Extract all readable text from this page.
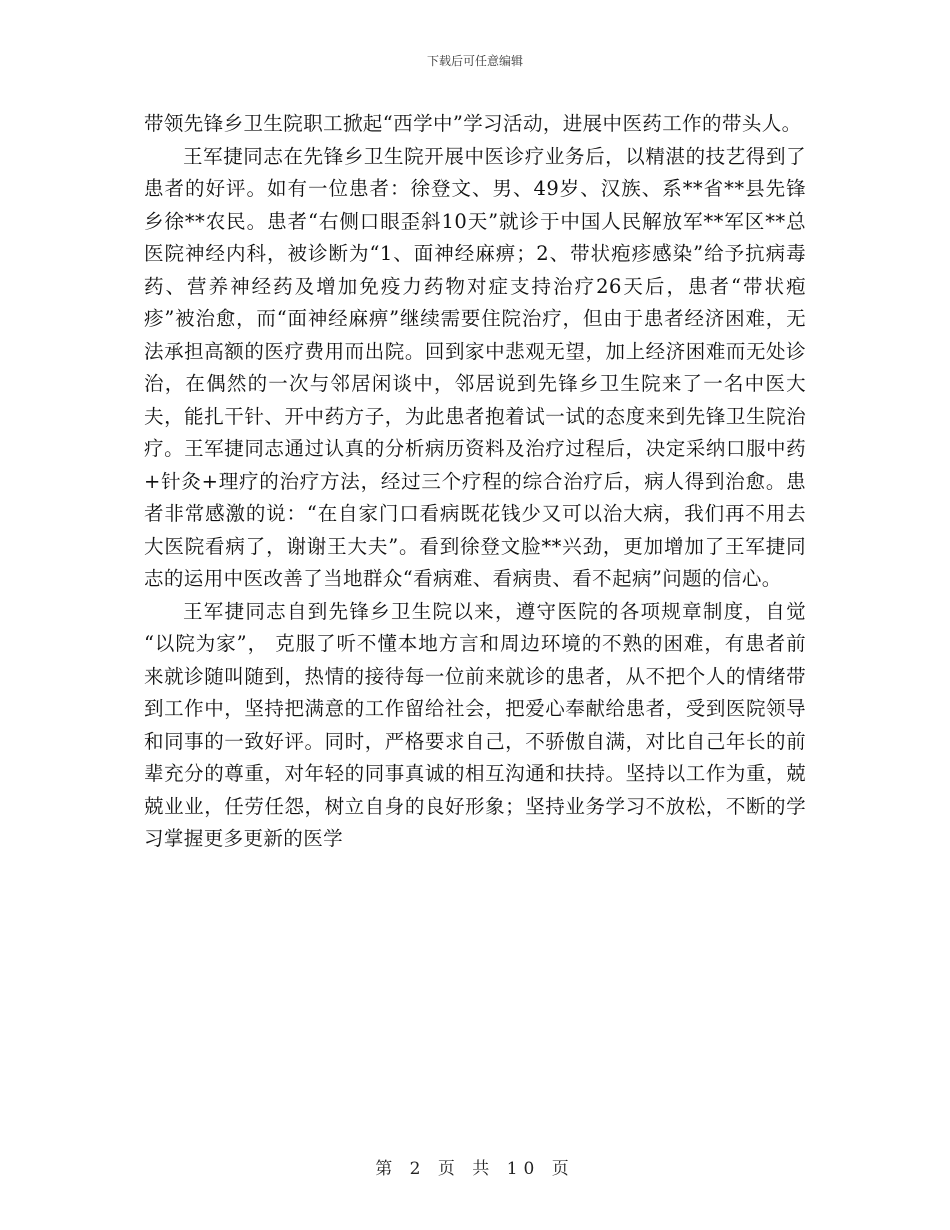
下载后可任意编辑

带领先锋乡卫生院职工掀起“西学中”学习活动，进展中医药工作的带头人。

王军捷同志在先锋乡卫生院开展中医诊疗业务后，以精湛的技艺得到了患者的好评。如有一位患者：徐登文、男、49岁、汉族、系**省**县先锋乡徐**农民。患者“右侧口眼歪斜10天”就诊于中国人民解放军**军区**总医院神经内科，被诊断为“1、面神经麻痹；2、带状疱疹感染”给予抗病毒药、营养神经药及增加免疫力药物对症支持治疗26天后，患者“带状疱疹”被治愈，而“面神经麻痹”继续需要住院治疗，但由于患者经济困难，无法承担高额的医疗费用而出院。回到家中悲观无望，加上经济困难而无处诊治，在偶然的一次与邻居闲谈中，邻居说到先锋乡卫生院来了一名中医大夫，能扎干针、开中药方子，为此患者抱着试一试的态度来到先锋卫生院治疗。王军捷同志通过认真的分析病历资料及治疗过程后，决定采纳口服中药+针灸+理疗的治疗方法，经过三个疗程的综合治疗后，病人得到治愈。患者非常感激的说：“在自家门口看病既花钱少又可以治大病，我们再不用去大医院看病了，谢谢王大夫”。看到徐登文脸**兴劲，更加增加了王军捷同志的运用中医改善了当地群众“看病难、看病贵、看不起病”问题的信心。

王军捷同志自到先锋乡卫生院以来，遵守医院的各项规章制度，自觉 “以院为家”， 克服了听不懂本地方言和周边环境的不熟的困难，有患者前来就诊随叫随到，热情的接待每一位前来就诊的患者，从不把个人的情绪带到工作中，坚持把满意的工作留给社会，把爱心奉献给患者，受到医院领导和同事的一致好评。同时，严格要求自己，不骄傲自满，对比自己年长的前辈充分的尊重，对年轻的同事真诚的相互沟通和扶持。坚持以工作为重，兢兢业业，任劳任怨，树立自身的良好形象；坚持业务学习不放松，不断的学习掌握更多更新的医学

第 2 页 共 10 页
